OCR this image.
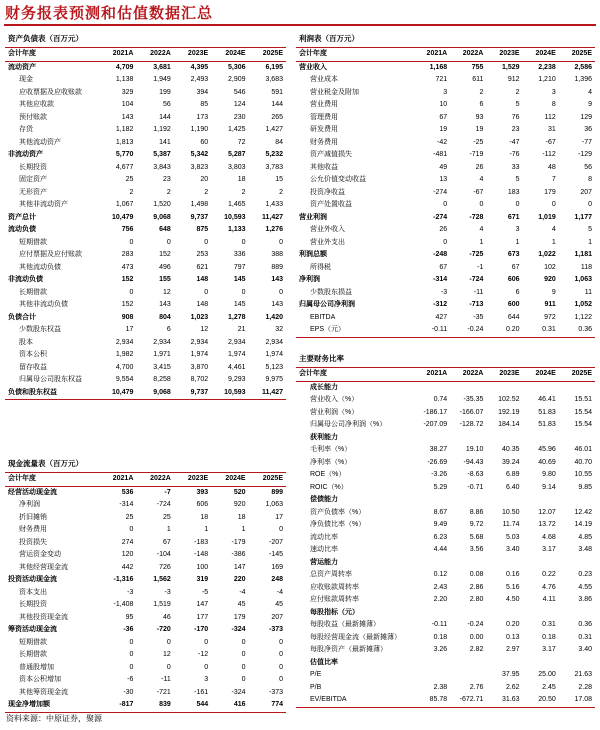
财务报表预测和估值数据汇总
资产负债表（百万元）
会计年度	2021A	2022A	2023E	2024E	2025E
流动资产	4,709	3,681	4,395	5,306	6,195
现金	1,138	1,949	2,493	2,909	3,683
应收票据及应收账款	329	199	394	546	591
其他应收款	104	56	85	124	144
预付账款	143	144	173	230	265
存货	1,182	1,192	1,190	1,425	1,427
其他流动资产	1,813	141	60	72	84
非流动资产	5,770	5,387	5,342	5,287	5,232
长期投资	4,677	3,843	3,823	3,803	3,783
固定资产	25	23	20	18	15
无形资产	2	2	2	2	2
其他非流动资产	1,067	1,520	1,498	1,465	1,433
资产总计	10,479	9,068	9,737	10,593	11,427
流动负债	756	648	875	1,133	1,276
短期借款	0	0	0	0	0
应付票据及应付账款	283	152	253	336	388
其他流动负债	473	496	621	797	889
非流动负债	152	155	148	145	143
长期借款	0	12	0	0	0
其他非流动负债	152	143	148	145	143
负债合计	908	804	1,023	1,278	1,420
少数股东权益	17	6	12	21	32
股本	2,934	2,934	2,934	2,934	2,934
资本公积	1,982	1,971	1,974	1,974	1,974
留存收益	4,700	3,415	3,870	4,461	5,123
归属母公司股东权益	9,554	8,258	8,702	9,293	9,975
负债和股东权益	10,479	9,068	9,737	10,593	11,427
利润表（百万元）
会计年度	2021A	2022A	2023E	2024E	2025E
营业收入	1,168	755	1,529	2,238	2,586
营业成本	721	611	912	1,210	1,396
营业税金及附加	3	2	2	3	4
营业费用	10	6	5	8	9
管理费用	67	93	76	112	129
研发费用	19	19	23	31	36
财务费用	-42	-25	-47	-67	-77
资产减值损失	-481	-719	-76	-112	-129
其他收益	49	26	33	48	56
公允价值变动收益	13	4	5	7	8
投资净收益	-274	-67	183	179	207
资产处置收益	0	0	0	0	0
营业利润	-274	-728	671	1,019	1,177
营业外收入	26	4	3	4	5
营业外支出	0	1	1	1	1
利润总额	-248	-725	673	1,022	1,181
所得税	67	-1	67	102	118
净利润	-314	-724	606	920	1,063
少数股东损益	-3	-11	6	9	11
归属母公司净利润	-312	-713	600	911	1,052
EBITDA	427	-35	644	972	1,122
EPS（元）	-0.11	-0.24	0.20	0.31	0.36
主要财务比率
会计年度	2021A	2022A	2023E	2024E	2025E
成长能力					
营业收入（%）	0.74	-35.35	102.52	46.41	15.51
营业利润（%）	-186.17	-166.07	192.19	51.83	15.54
归属母公司净利润（%）	-207.09	-128.72	184.14	51.83	15.54
获利能力					
毛利率（%）	38.27	19.10	40.35	45.96	46.01
净利率（%）	-26.69	-94.43	39.24	40.69	40.70
ROE（%）	-3.26	-8.63	6.89	9.80	10.55
ROIC（%）	5.29	-0.71	6.40	9.14	9.85
偿债能力					
资产负债率（%）	8.67	8.86	10.50	12.07	12.42
净负债比率（%）	9.49	9.72	11.74	13.72	14.19
流动比率	6.23	5.68	5.03	4.68	4.85
速动比率	4.44	3.56	3.40	3.17	3.48
营运能力					
总资产周转率	0.12	0.08	0.16	0.22	0.23
应收账款周转率	2.43	2.86	5.16	4.76	4.55
应付账款周转率	2.20	2.80	4.50	4.11	3.86
每股指标（元）					
每股收益（最新摊薄）	-0.11	-0.24	0.20	0.31	0.36
每股经营现金流（最新摊薄）	0.18	0.00	0.13	0.18	0.31
每股净资产（最新摊薄）	3.26	2.82	2.97	3.17	3.40
估值比率					
P/E			37.95	25.00	21.63
P/B	2.38	2.76	2.62	2.45	2.28
EV/EBITDA	85.78	-672.71	31.63	20.50	17.08
现金流量表（百万元）
会计年度	2021A	2022A	2023E	2024E	2025E
经营活动现金流	536	-7	393	520	899
净利润	-314	-724	606	920	1,063
折旧摊销	25	25	18	18	17
财务费用	0	1	1	1	0
投资损失	274	67	-183	-179	-207
营运资金变动	120	-104	-148	-386	-145
其他经营现金流	442	726	100	147	169
投资活动现金流	-1,316	1,562	319	220	248
资本支出	-3	-3	-5	-4	-4
长期投资	-1,408	1,519	147	45	45
其他投资现金流	95	46	177	179	207
筹资活动现金流	-36	-720	-170	-324	-373
短期借款	0	0	0	0	0
长期借款	0	12	-12	0	0
普通股增加	0	0	0	0	0
资本公积增加	-6	-11	3	0	0
其他筹资现金流	-30	-721	-161	-324	-373
现金净增加额	-817	839	544	416	774
资料来源：中原证券，聚源
